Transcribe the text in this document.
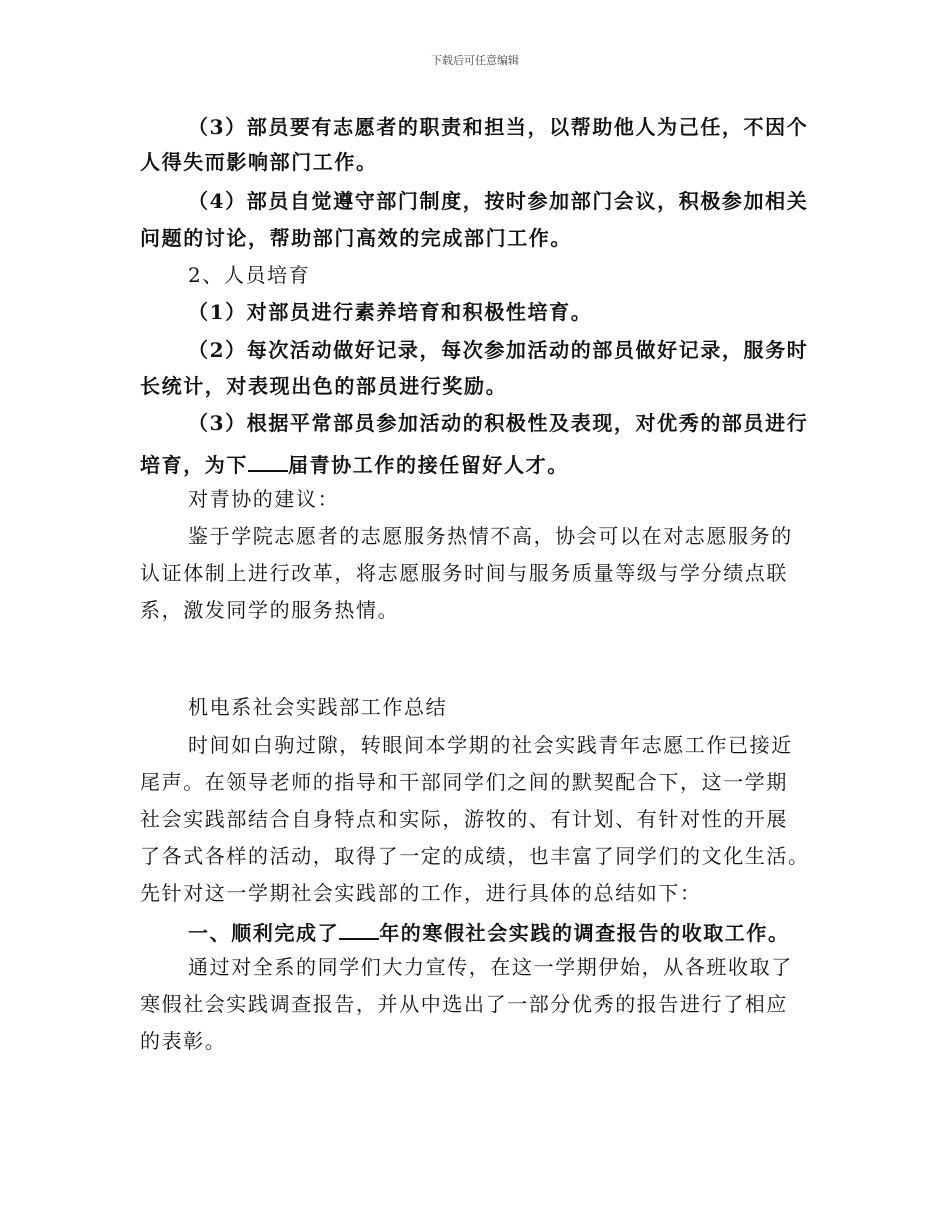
下载后可任意编辑
（3）部员要有志愿者的职责和担当，以帮助他人为己任，不因个
人得失而影响部门工作。
（4）部员自觉遵守部门制度，按时参加部门会议，积极参加相关
问题的讨论，帮助部门高效的完成部门工作。
2、人员培育
（1）对部员进行素养培育和积极性培育。
（2）每次活动做好记录，每次参加活动的部员做好记录，服务时
长统计，对表现出色的部员进行奖励。
（3）根据平常部员参加活动的积极性及表现，对优秀的部员进行
培育，为下 届青协工作的接任留好人才。
对青协的建议：
鉴于学院志愿者的志愿服务热情不高，协会可以在对志愿服务的
认证体制上进行改革，将志愿服务时间与服务质量等级与学分绩点联
系，激发同学的服务热情。
机电系社会实践部工作总结
时间如白驹过隙，转眼间本学期的社会实践青年志愿工作已接近
尾声。在领导老师的指导和干部同学们之间的默契配合下，这一学期
社会实践部结合自身特点和实际，游牧的、有计划、有针对性的开展
了各式各样的活动，取得了一定的成绩，也丰富了同学们的文化生活。
先针对这一学期社会实践部的工作，进行具体的总结如下：
一、顺利完成了 年的寒假社会实践的调查报告的收取工作。
通过对全系的同学们大力宣传，在这一学期伊始，从各班收取了
寒假社会实践调查报告，并从中选出了一部分优秀的报告进行了相应
的表彰。
